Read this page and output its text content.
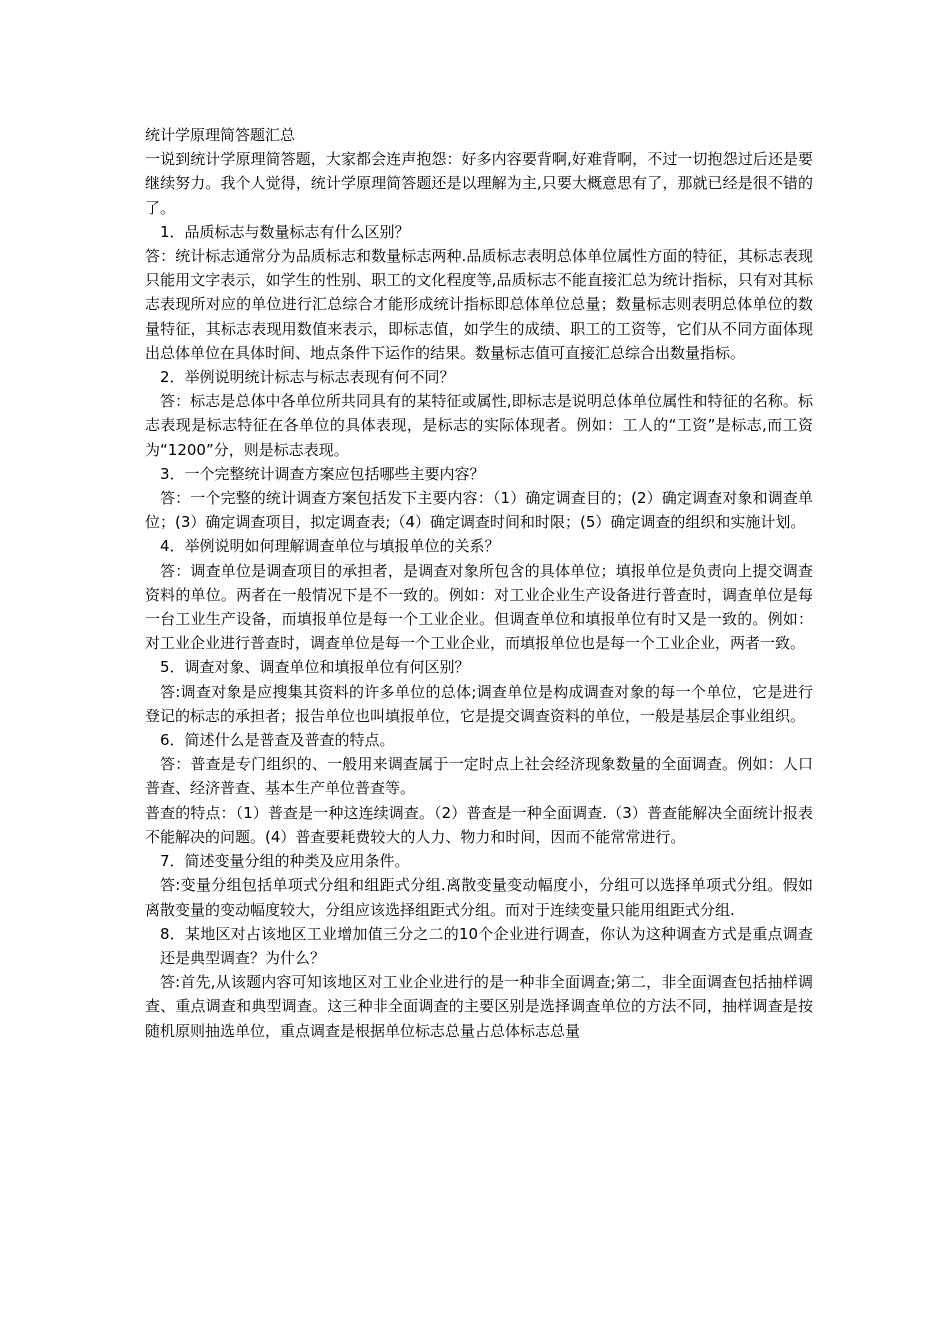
统计学原理简答题汇总

一说到统计学原理简答题，大家都会连声抱怨：好多内容要背啊,好难背啊，不过一切抱怨过后还是要继续努力。我个人觉得，统计学原理简答题还是以理解为主,只要大概意思有了，那就已经是很不错的了。

1．品质标志与数量标志有什么区别？

答：统计标志通常分为品质标志和数量标志两种.品质标志表明总体单位属性方面的特征，其标志表现只能用文字表示，如学生的性别、职工的文化程度等,品质标志不能直接汇总为统计指标，只有对其标志表现所对应的单位进行汇总综合才能形成统计指标即总体单位总量；数量标志则表明总体单位的数量特征，其标志表现用数值来表示，即标志值，如学生的成绩、职工的工资等，它们从不同方面体现出总体单位在具体时间、地点条件下运作的结果。数量标志值可直接汇总综合出数量指标。

2．举例说明统计标志与标志表现有何不同？

答：标志是总体中各单位所共同具有的某特征或属性,即标志是说明总体单位属性和特征的名称。标志表现是标志特征在各单位的具体表现，是标志的实际体现者。例如：工人的“工资”是标志,而工资为“1200”分，则是标志表现。

3．一个完整统计调查方案应包括哪些主要内容？

答：一个完整的统计调查方案包括发下主要内容：（1）确定调查目的；(2）确定调查对象和调查单位；(3）确定调查项目，拟定调查表;（4）确定调查时间和时限；(5）确定调查的组织和实施计划。

4．举例说明如何理解调查单位与填报单位的关系？

答：调查单位是调查项目的承担者，是调查对象所包含的具体单位；填报单位是负责向上提交调查资料的单位。两者在一般情况下是不一致的。例如：对工业企业生产设备进行普查时，调查单位是每一台工业生产设备，而填报单位是每一个工业企业。但调查单位和填报单位有时又是一致的。例如：对工业企业进行普查时，调查单位是每一个工业企业，而填报单位也是每一个工业企业，两者一致。

5．调查对象、调查单位和填报单位有何区别？

答:调查对象是应搜集其资料的许多单位的总体;调查单位是构成调查对象的每一个单位，它是进行登记的标志的承担者；报告单位也叫填报单位，它是提交调查资料的单位，一般是基层企事业组织。

6．简述什么是普查及普查的特点。

答：普查是专门组织的、一般用来调查属于一定时点上社会经济现象数量的全面调查。例如：人口普查、经济普查、基本生产单位普查等。

普查的特点：（1）普查是一种这连续调查。（2）普查是一种全面调查.（3）普查能解决全面统计报表不能解决的问题。(4）普查要耗费较大的人力、物力和时间，因而不能常常进行。

7．简述变量分组的种类及应用条件。

答:变量分组包括单项式分组和组距式分组.离散变量变动幅度小，分组可以选择单项式分组。假如离散变量的变动幅度较大，分组应该选择组距式分组。而对于连续变量只能用组距式分组.

8．某地区对占该地区工业增加值三分之二的10个企业进行调查，你认为这种调查方式是重点调查还是典型调查？为什么？

答:首先,从该题内容可知该地区对工业企业进行的是一种非全面调查;第二，非全面调查包括抽样调查、重点调查和典型调查。这三种非全面调查的主要区别是选择调查单位的方法不同，抽样调查是按随机原则抽选单位，重点调查是根据单位标志总量占总体标志总量
